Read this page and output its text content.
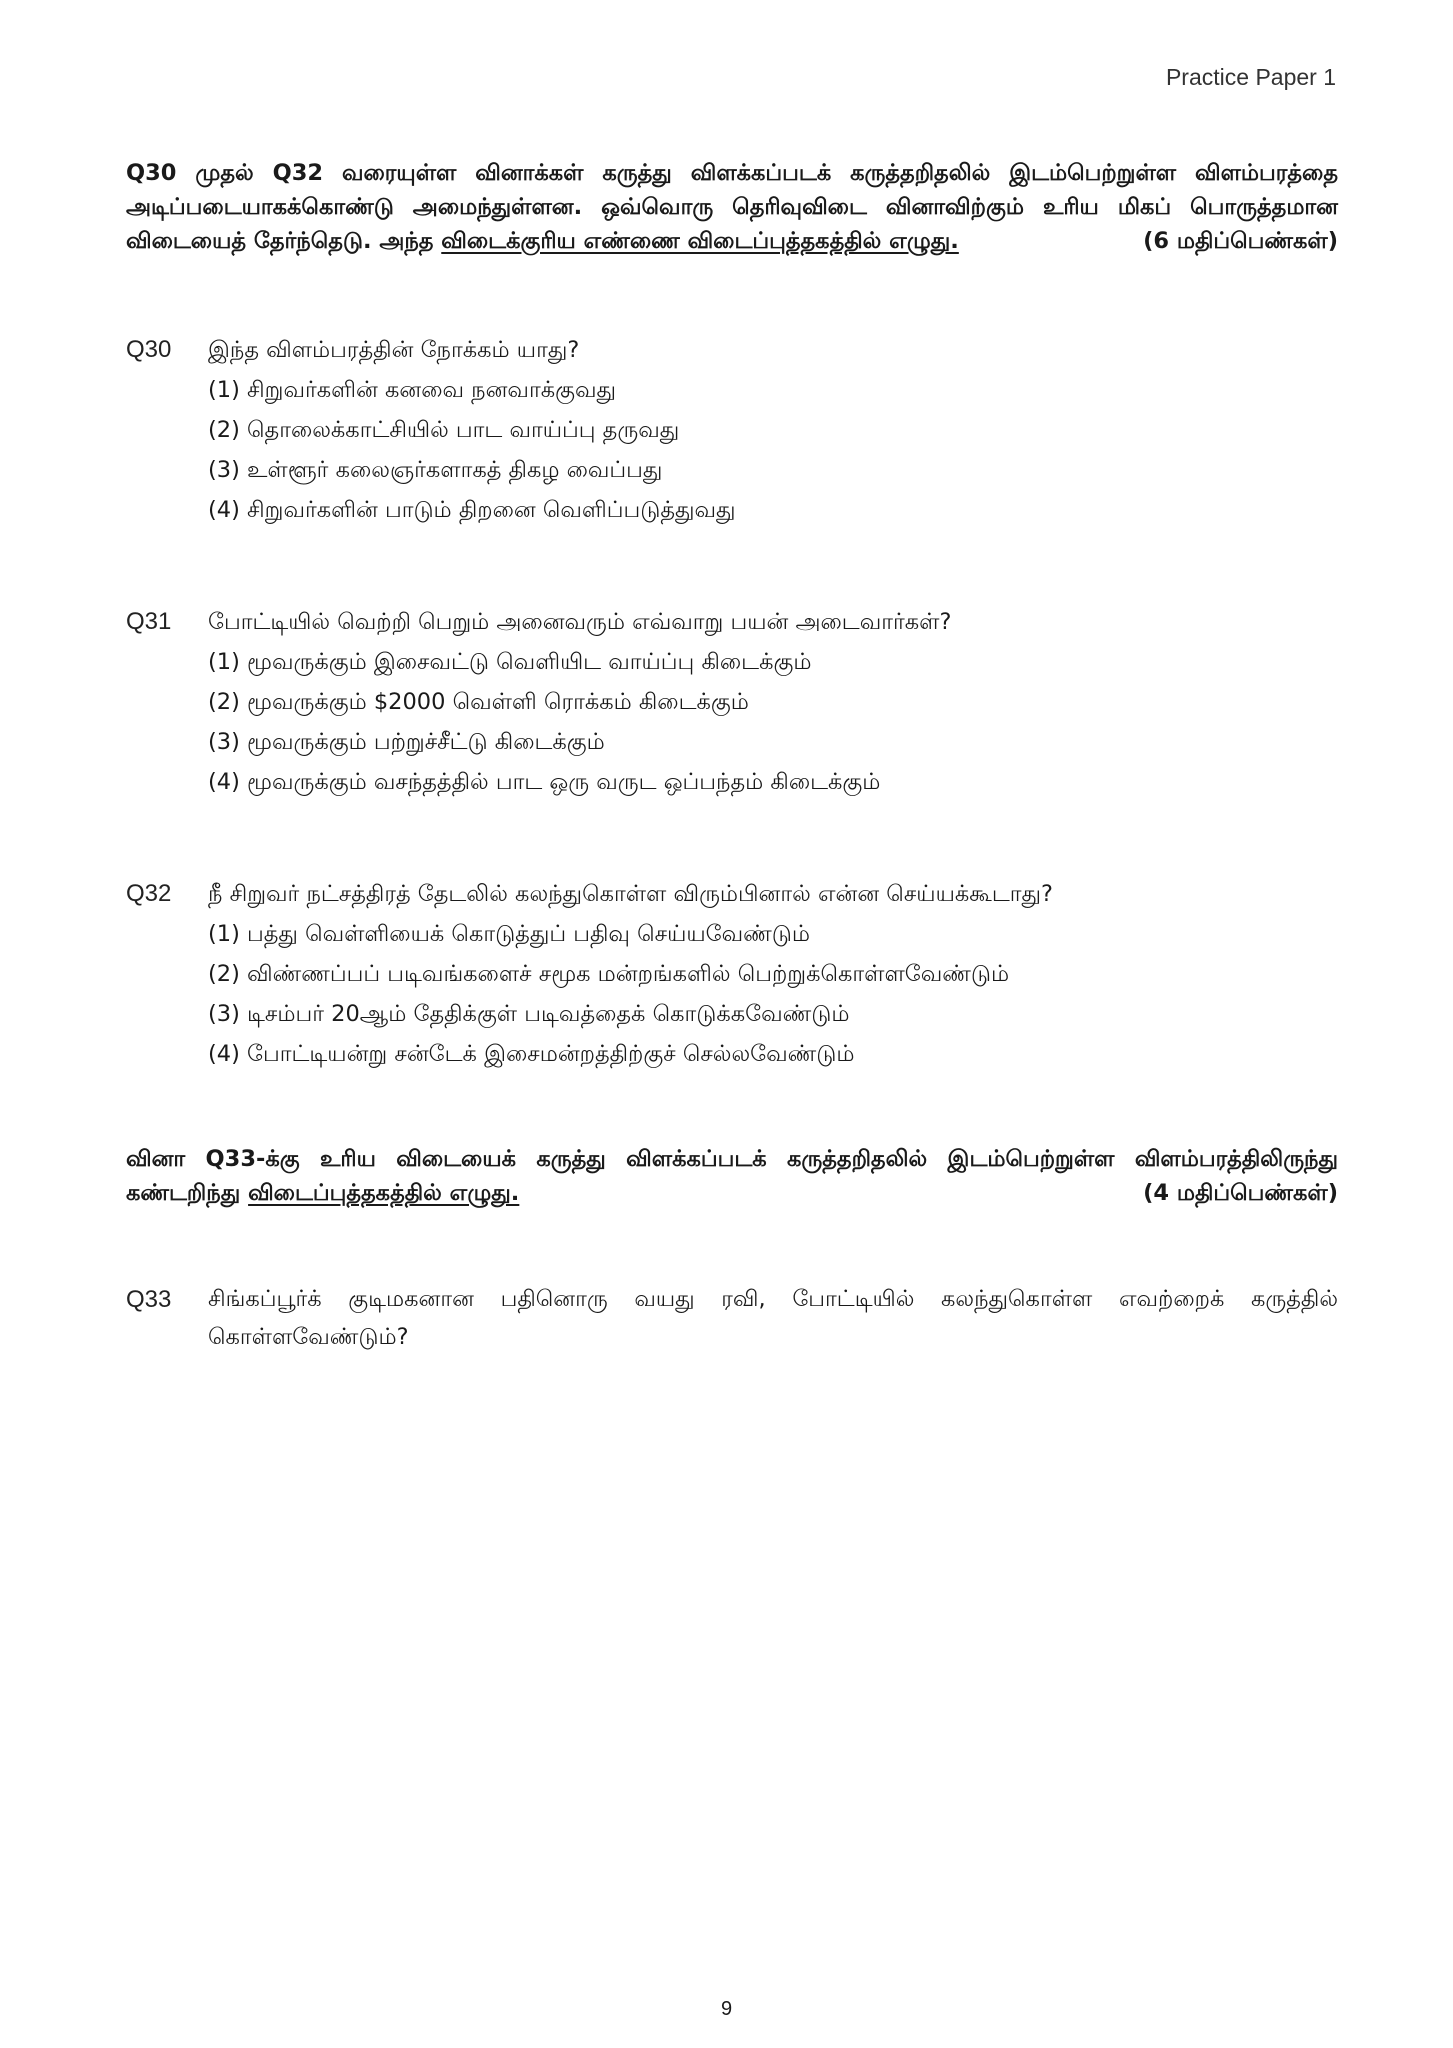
Practice Paper 1
Q30 முதல் Q32 வரையுள்ள வினாக்கள் கருத்து விளக்கப்படக் கருத்தறிதலில் இடம்பெற்றுள்ள விளம்பரத்தை அடிப்படையாகக்கொண்டு அமைந்துள்ளன. ஒவ்வொரு தெரிவுவிடை வினாவிற்கும் உரிய மிகப் பொருத்தமான விடையைத் தேர்ந்தெடு. அந்த விடைக்குரிய எண்ணை விடைப்புத்தகத்தில் எழுது.	(6 மதிப்பெண்கள்)
Q30	இந்த விளம்பரத்தின் நோக்கம் யாது?
(1) சிறுவர்களின் கனவை நனவாக்குவது
(2) தொலைக்காட்சியில் பாட வாய்ப்பு தருவது
(3) உள்ளூர் கலைஞர்களாகத் திகழ வைப்பது
(4) சிறுவர்களின் பாடும் திறனை வெளிப்படுத்துவது
Q31	போட்டியில் வெற்றி பெறும் அனைவரும் எவ்வாறு பயன் அடைவார்கள்?
(1) மூவருக்கும் இசைவட்டு வெளியிட வாய்ப்பு கிடைக்கும்
(2) மூவருக்கும் $2000 வெள்ளி ரொக்கம் கிடைக்கும்
(3) மூவருக்கும் பற்றுச்சீட்டு கிடைக்கும்
(4) மூவருக்கும் வசந்தத்தில் பாட ஒரு வருட ஒப்பந்தம் கிடைக்கும்
Q32	நீ சிறுவர் நட்சத்திரத் தேடலில் கலந்துகொள்ள விரும்பினால் என்ன செய்யக்கூடாது?
(1) பத்து வெள்ளியைக் கொடுத்துப் பதிவு செய்யவேண்டும்
(2) விண்ணப்பப் படிவங்களைச் சமூக மன்றங்களில் பெற்றுக்கொள்ளவேண்டும்
(3) டிசம்பர் 20ஆம் தேதிக்குள் படிவத்தைக் கொடுக்கவேண்டும்
(4) போட்டியன்று சன்டேக் இசைமன்றத்திற்குச் செல்லவேண்டும்
வினா Q33-க்கு உரிய விடையைக் கருத்து விளக்கப்படக் கருத்தறிதலில் இடம்பெற்றுள்ள விளம்பரத்திலிருந்து கண்டறிந்து விடைப்புத்தகத்தில் எழுது.	(4 மதிப்பெண்கள்)
Q33	சிங்கப்பூர்க் குடிமகனான பதினொரு வயது ரவி, போட்டியில் கலந்துகொள்ள எவற்றைக் கருத்தில் கொள்ளவேண்டும்?
9
